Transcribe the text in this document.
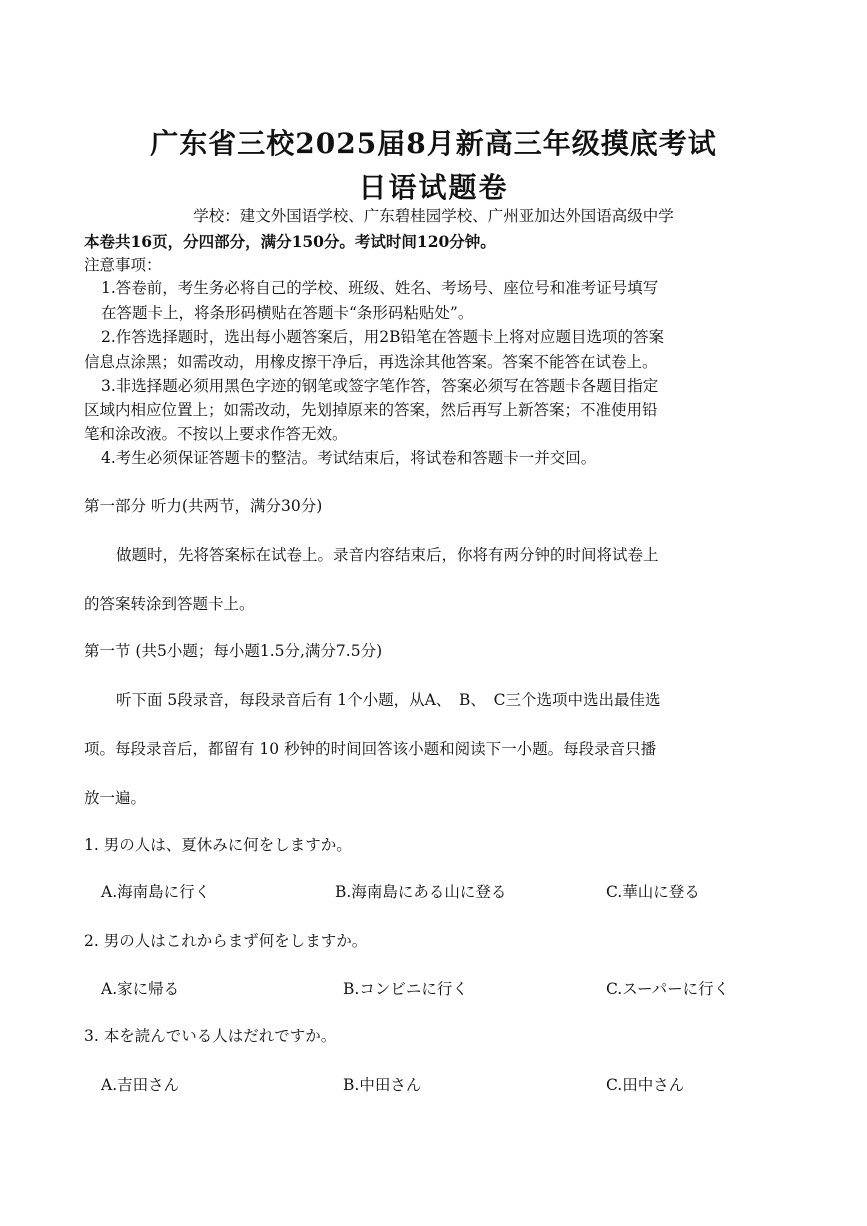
广东省三校2025届8月新高三年级摸底考试
日语试题卷
学校：建文外国语学校、广东碧桂园学校、广州亚加达外国语高级中学
本卷共16页，分四部分，满分150分。考试时间120分钟。
注意事项：
1.答卷前，考生务必将自己的学校、班级、姓名、考场号、座位号和准考证号填写
在答题卡上，将条形码横贴在答题卡“条形码粘贴处”。
2.作答选择题时，选出每小题答案后，用2B铅笔在答题卡上将对应题目选项的答案
信息点涂黑；如需改动，用橡皮擦干净后，再选涂其他答案。答案不能答在试卷上。
3.非选择题必须用黑色字迹的钢笔或签字笔作答，答案必须写在答题卡各题目指定
区域内相应位置上；如需改动，先划掉原来的答案，然后再写上新答案；不准使用铅
笔和涂改液。不按以上要求作答无效。
4.考生必须保证答题卡的整洁。考试结束后，将试卷和答题卡一并交回。
第一部分 听力(共两节，满分30分)
做题时，先将答案标在试卷上。录音内容结束后，你将有两分钟的时间将试卷上
的答案转涂到答题卡上。
第一节 (共5小题；每小题1.5分,满分7.5分)
听下面 5段录音，每段录音后有 1个小题，从A、　B、　C三个选项中选出最佳选
项。每段录音后，都留有 10 秒钟的时间回答该小题和阅读下一小题。每段录音只播
放一遍。
1. 男の人は、夏休みに何をしますか。
A.海南島に行く	B.海南島にある山に登る	C.華山に登る
2. 男の人はこれからまず何をしますか。
A.家に帰る	B.コンビニに行く	C.スーパーに行く
3. 本を読んでいる人はだれですか。
A.吉田さん	B.中田さん	C.田中さん
